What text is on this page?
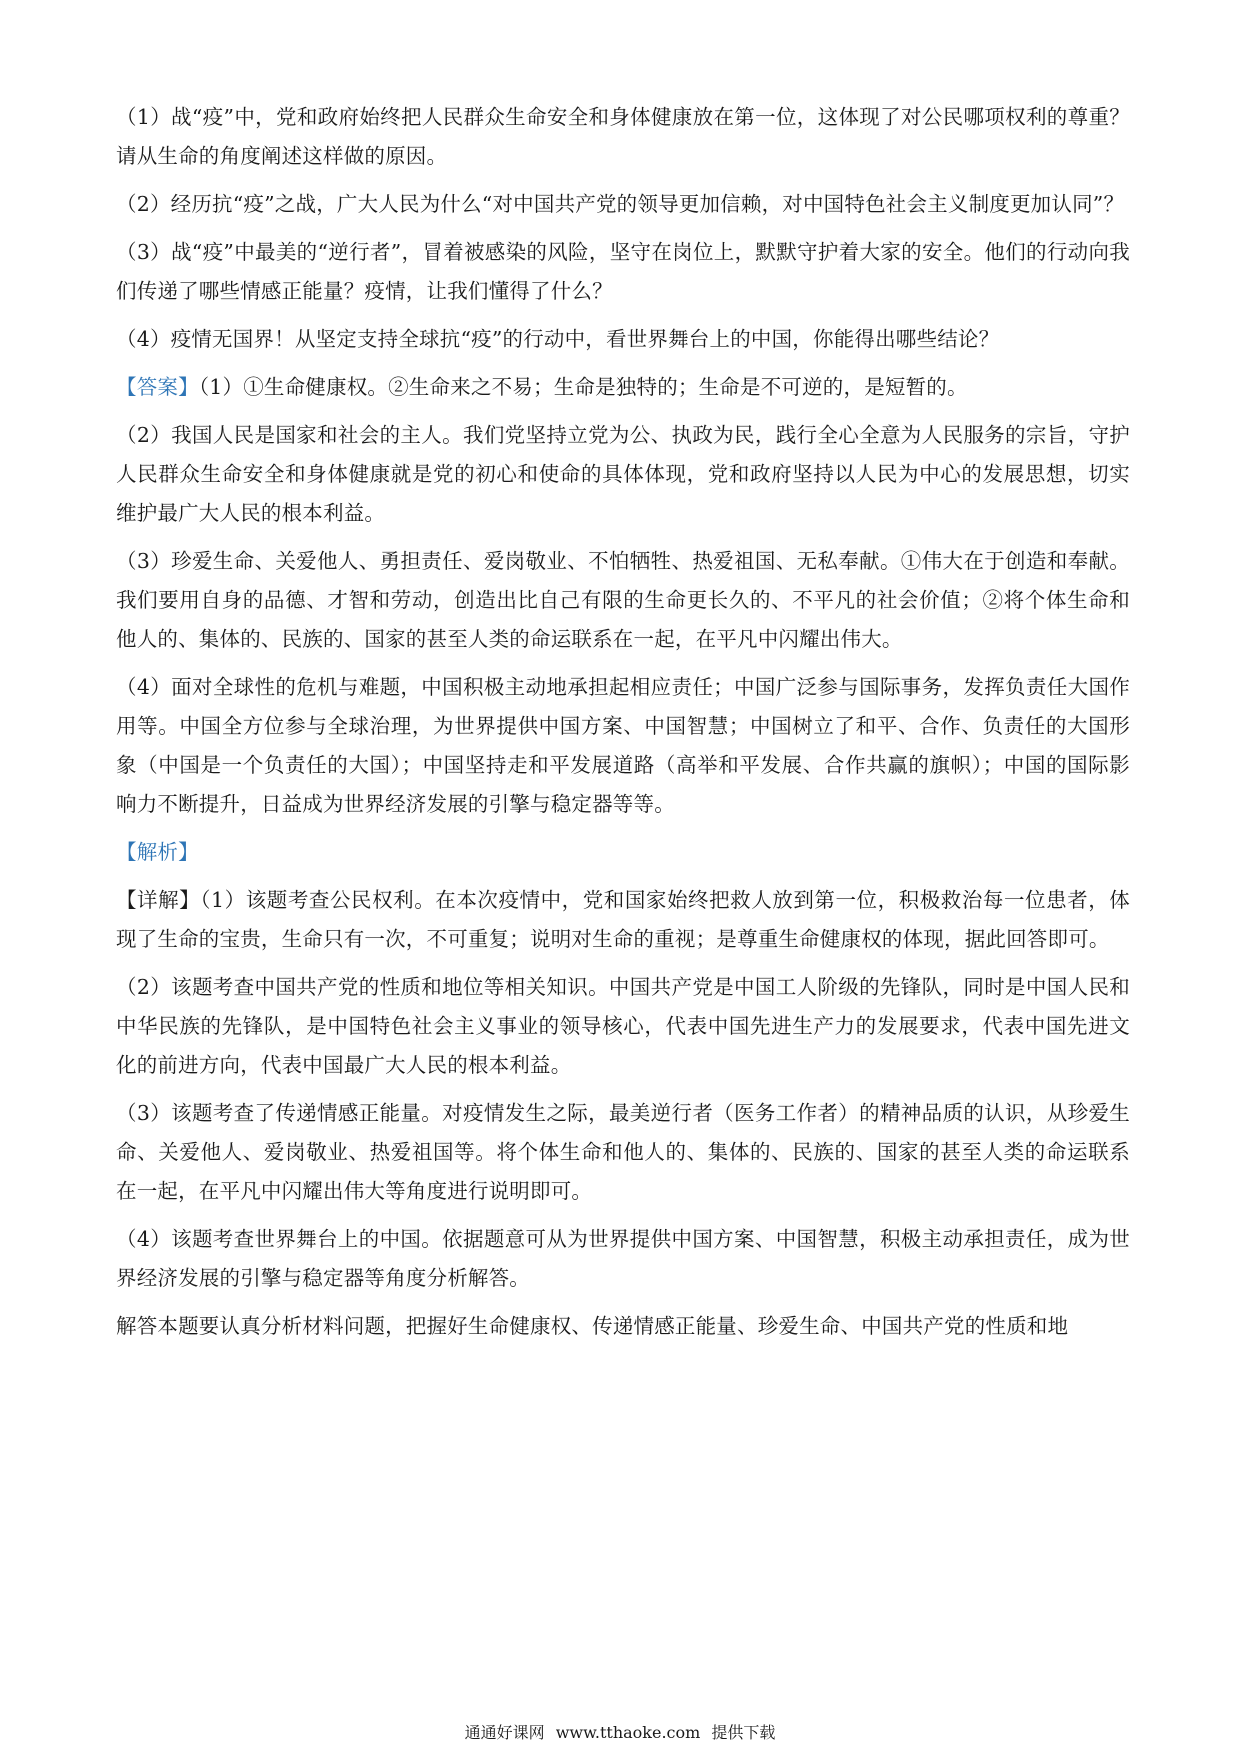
（1）战“疫”中，党和政府始终把人民群众生命安全和身体健康放在第一位，这体现了对公民哪项权利的尊重？请从生命的角度阐述这样做的原因。

（2）经历抗“疫”之战，广大人民为什么“对中国共产党的领导更加信赖，对中国特色社会主义制度更加认同”？

（3）战“疫”中最美的“逆行者”，冒着被感染的风险，坚守在岗位上，默默守护着大家的安全。他们的行动向我们传递了哪些情感正能量？疫情，让我们懂得了什么？

（4）疫情无国界！从坚定支持全球抗“疫”的行动中，看世界舞台上的中国，你能得出哪些结论？

【答案】（1）①生命健康权。②生命来之不易；生命是独特的；生命是不可逆的，是短暂的。

（2）我国人民是国家和社会的主人。我们党坚持立党为公、执政为民，践行全心全意为人民服务的宗旨，守护人民群众生命安全和身体健康就是党的初心和使命的具体体现，党和政府坚持以人民为中心的发展思想，切实维护最广大人民的根本利益。

（3）珍爱生命、关爱他人、勇担责任、爱岗敬业、不怕牺牲、热爱祖国、无私奉献。①伟大在于创造和奉献。我们要用自身的品德、才智和劳动，创造出比自己有限的生命更长久的、不平凡的社会价值；②将个体生命和他人的、集体的、民族的、国家的甚至人类的命运联系在一起，在平凡中闪耀出伟大。

（4）面对全球性的危机与难题，中国积极主动地承担起相应责任；中国广泛参与国际事务，发挥负责任大国作用等。中国全方位参与全球治理，为世界提供中国方案、中国智慧；中国树立了和平、合作、负责任的大国形象（中国是一个负责任的大国）；中国坚持走和平发展道路（高举和平发展、合作共赢的旗帜）；中国的国际影响力不断提升，日益成为世界经济发展的引擎与稳定器等等。

【解析】

【详解】（1）该题考查公民权利。在本次疫情中，党和国家始终把救人放到第一位，积极救治每一位患者，体现了生命的宝贵，生命只有一次，不可重复；说明对生命的重视；是尊重生命健康权的体现，据此回答即可。

（2）该题考查中国共产党的性质和地位等相关知识。中国共产党是中国工人阶级的先锋队，同时是中国人民和中华民族的先锋队，是中国特色社会主义事业的领导核心，代表中国先进生产力的发展要求，代表中国先进文化的前进方向，代表中国最广大人民的根本利益。

（3）该题考查了传递情感正能量。对疫情发生之际，最美逆行者（医务工作者）的精神品质的认识，从珍爱生命、关爱他人、爱岗敬业、热爱祖国等。将个体生命和他人的、集体的、民族的、国家的甚至人类的命运联系在一起，在平凡中闪耀出伟大等角度进行说明即可。

（4）该题考查世界舞台上的中国。依据题意可从为世界提供中国方案、中国智慧，积极主动承担责任，成为世界经济发展的引擎与稳定器等角度分析解答。

解答本题要认真分析材料问题，把握好生命健康权、传递情感正能量、珍爱生命、中国共产党的性质和地

通通好课网 www.tthaoke.com 提供下载
